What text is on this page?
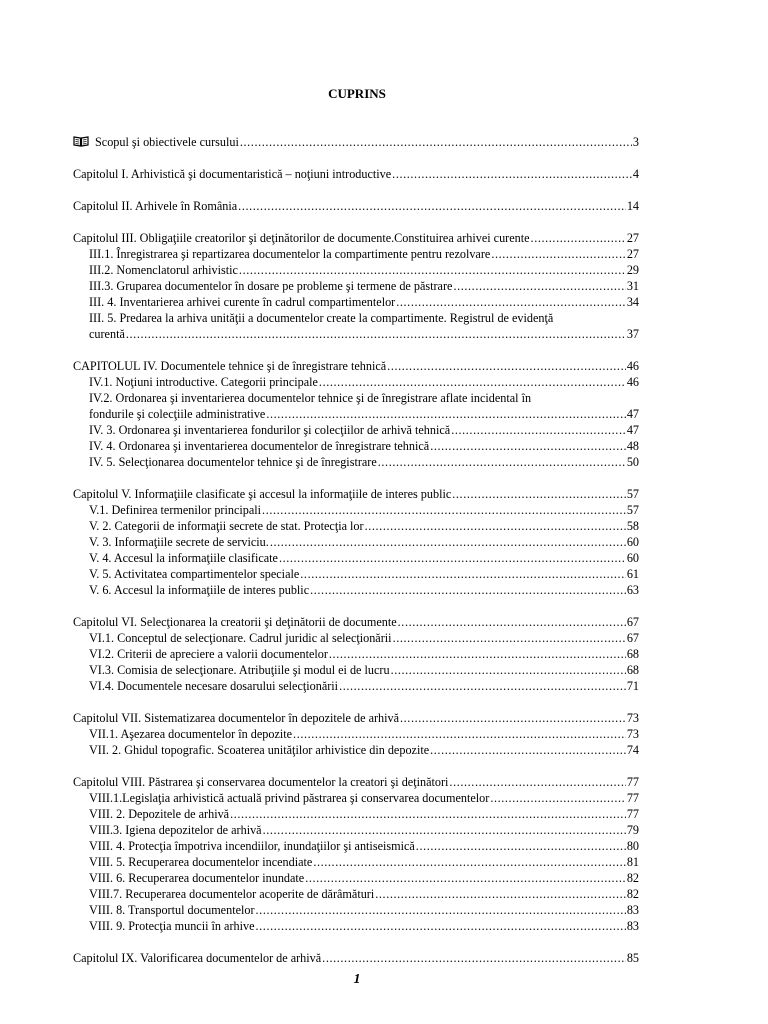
CUPRINS
Scopul şi obiectivele cursului .....	3
Capitolul I. Arhivistică şi documentaristică – noţiuni introductive .....	4
Capitolul II. Arhivele în România .....	14
Capitolul III. Obligaţiile creatorilor şi deţinătorilor de documente.Constituirea arhivei curente .....	27
III.1. Înregistrarea şi repartizarea documentelor la compartimente pentru rezolvare .....	27
III.2. Nomenclatorul arhivistic .....	29
III.3. Gruparea documentelor în dosare pe probleme şi termene de păstrare .....	31
III. 4. Inventarierea arhivei curente în cadrul compartimentelor .....	34
III. 5. Predarea la arhiva unităţii a documentelor create la compartimente. Registrul de evidenţă
curentă .....	37
CAPITOLUL IV. Documentele tehnice şi de înregistrare tehnică .....	46
IV.1. Noţiuni introductive. Categorii principale .....	46
IV.2. Ordonarea şi inventarierea documentelor tehnice şi de înregistrare aflate incidental în
fondurile şi colecţiile administrative .....	47
IV. 3. Ordonarea şi inventarierea fondurilor şi colecţiilor de arhivă tehnică .....	47
IV. 4. Ordonarea şi inventarierea documentelor de înregistrare tehnică .....	48
IV. 5. Selecţionarea documentelor tehnice şi de înregistrare .....	50
Capitolul V. Informaţiile clasificate şi accesul la informaţiile de interes public .....	57
V.1. Definirea termenilor principali .....	57
V. 2. Categorii de informaţii secrete de stat. Protecţia lor .....	58
V. 3. Informaţiile secrete de serviciu. .....	60
V. 4. Accesul la informaţiile clasificate .....	60
V. 5. Activitatea compartimentelor speciale .....	61
V. 6. Accesul la informaţiile de interes public .....	63
Capitolul VI. Selecţionarea la creatorii şi deţinătorii de documente .....	67
VI.1. Conceptul de selecţionare. Cadrul juridic al selecţionării .....	67
VI.2. Criterii de apreciere a valorii documentelor .....	68
VI.3. Comisia de selecţionare. Atribuţiile şi modul ei de lucru .....	68
VI.4. Documentele necesare dosarului selecţionării .....	71
Capitolul VII. Sistematizarea documentelor în depozitele de arhivă .....	73
VII.1. Aşezarea documentelor în depozite .....	73
VII. 2. Ghidul topografic. Scoaterea unităţilor arhivistice din depozite .....	74
Capitolul VIII. Păstrarea şi conservarea documentelor la creatori şi deţinători .....	77
VIII.1.Legislaţia arhivistică actuală privind păstrarea şi conservarea documentelor .....	77
VIII. 2. Depozitele de arhivă .....	77
VIII.3. Igiena depozitelor de arhivă .....	79
VIII. 4. Protecţia împotriva incendiilor, inundaţiilor şi antiseismică .....	80
VIII. 5. Recuperarea documentelor incendiate .....	81
VIII. 6. Recuperarea documentelor inundate .....	82
VIII.7. Recuperarea documentelor acoperite de dărâmături .....	82
VIII. 8. Transportul documentelor .....	83
VIII. 9. Protecţia muncii în arhive .....	83
Capitolul IX. Valorificarea documentelor de arhivă .....	85
1
